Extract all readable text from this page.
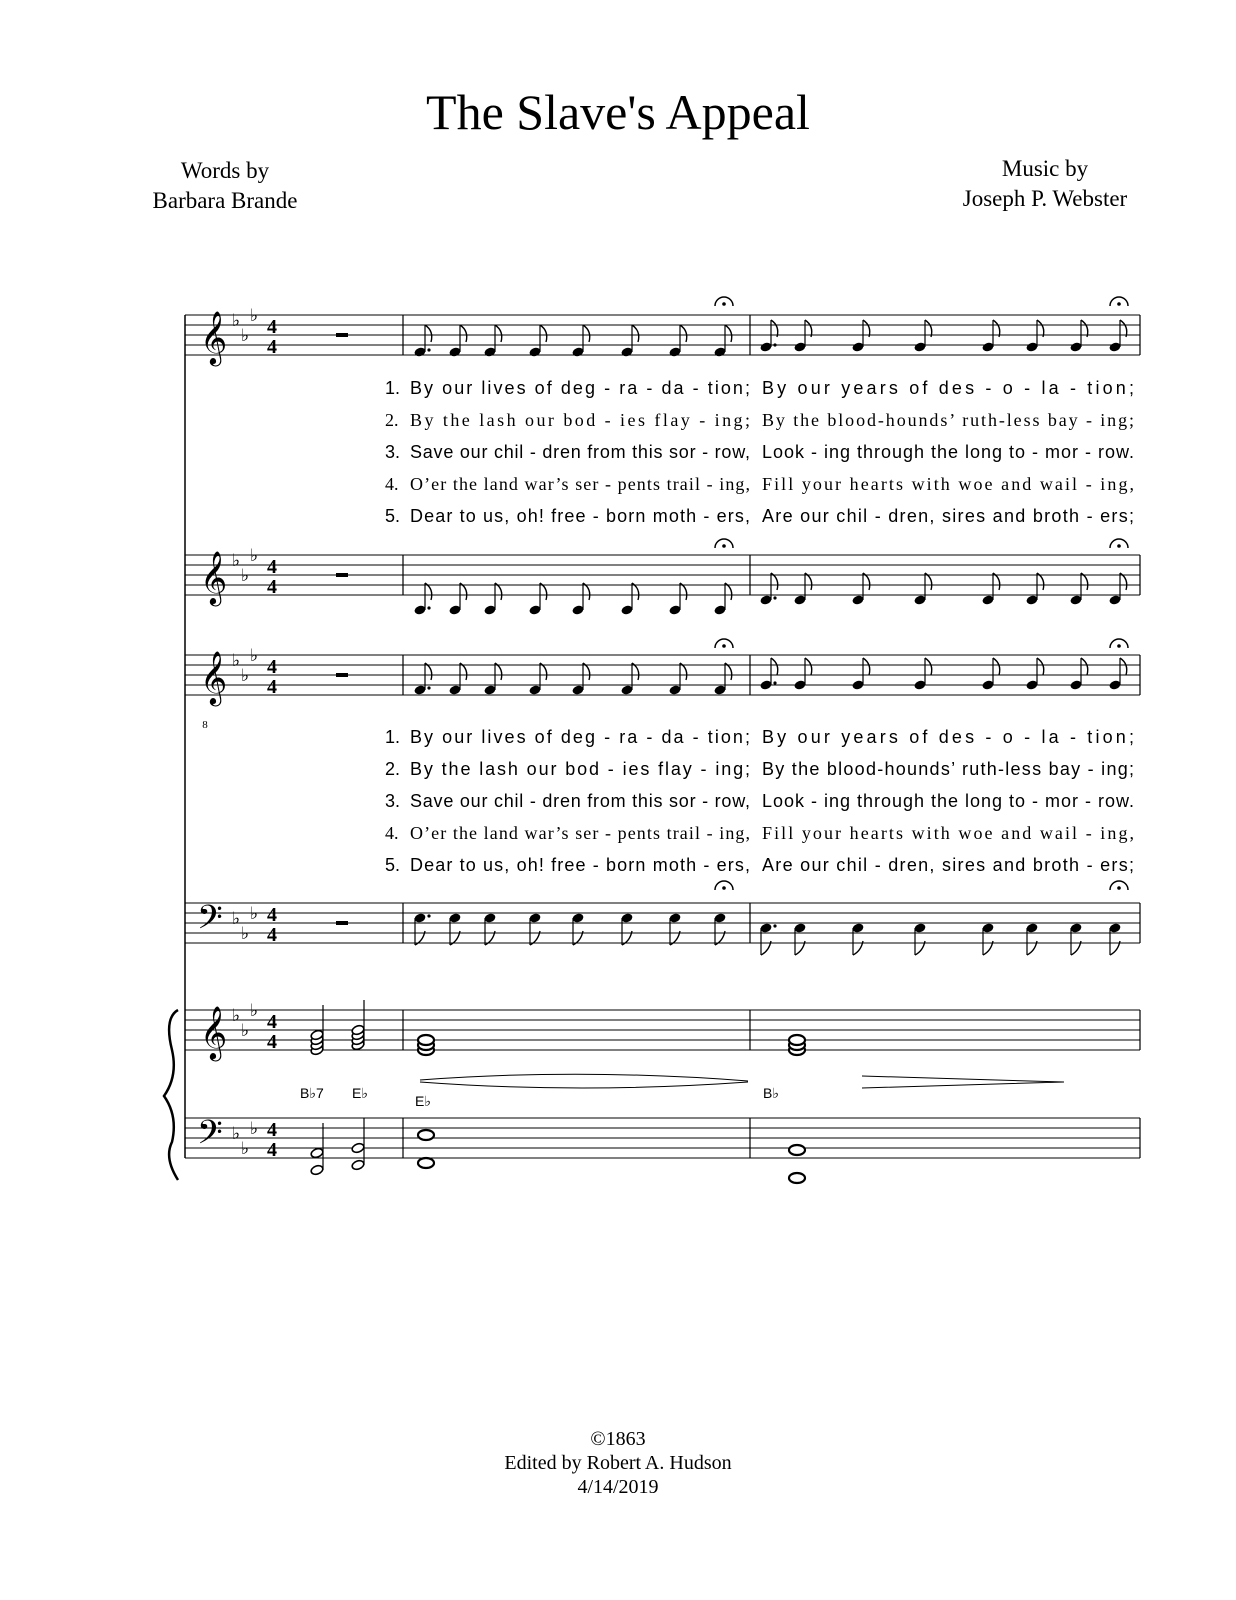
The Slave's Appeal
Words by
Barbara Brande
Music by
Joseph P. Webster
𝄞 ♭
♭
♭ 4
4
1. By our lives of deg - ra - da - tion; By our years of des - o - la - tion;
2. By the lash our bod - ies flay - ing; By the blood-hounds’ ruth-less bay - ing;
3. Save our chil - dren from this sor - row, Look - ing through the long to - mor - row.
4. O’er the land war’s ser - pents trail - ing, Fill your hearts with woe and wail - ing,
5. Dear to us, oh! free - born moth - ers, Are our chil - dren, sires and broth - ers;
𝄞 ♭
♭
♭ 4
4
𝄞 ♭
♭
♭ 4
4
8
1. By our lives of deg - ra - da - tion; By our years of des - o - la - tion;
2. By the lash our bod - ies flay - ing; By the blood-hounds’ ruth-less bay - ing;
3. Save our chil - dren from this sor - row, Look - ing through the long to - mor - row.
4. O’er the land war’s ser - pents trail - ing, Fill your hearts with woe and wail - ing,
5. Dear to us, oh! free - born moth - ers, Are our chil - dren, sires and broth - ers;
𝄢 ♭
♭
♭ 4
4
𝄞 ♭
♭
♭ 4
4
𝄢 ♭
♭
♭ 4
4
B♭7 E♭	E♭	B♭
©1863
Edited by Robert A. Hudson
4/14/2019
